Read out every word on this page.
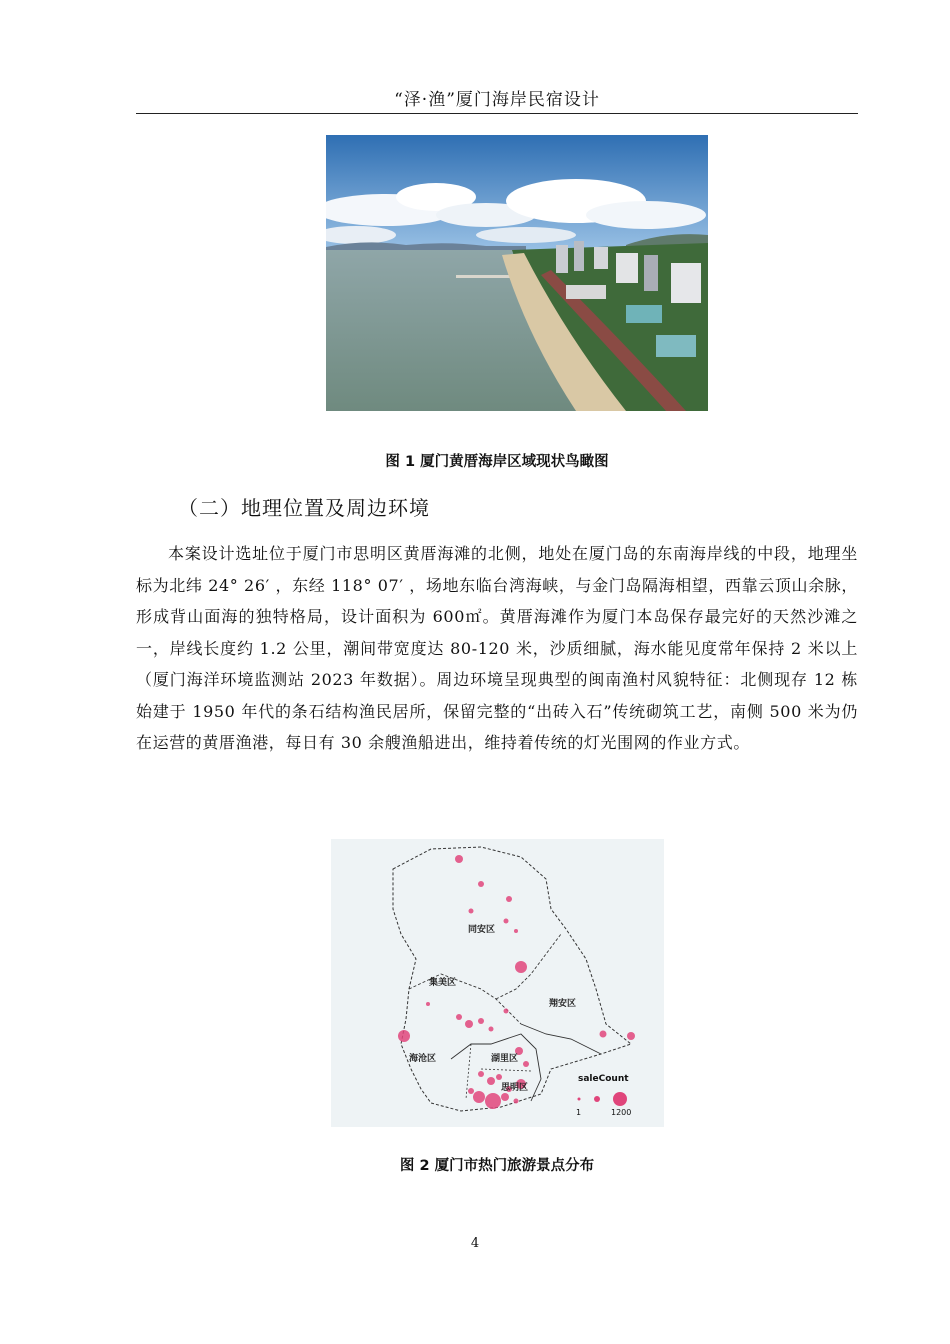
“泽·渔”厦门海岸民宿设计
图 1 厦门黄厝海岸区域现状鸟瞰图
（二）地理位置及周边环境
本案设计选址位于厦门市思明区黄厝海滩的北侧，地处在厦门岛的东南海岸线的中段，地理坐标为北纬 24° 26′ ，东经 118° 07′ ，场地东临台湾海峡，与金门岛隔海相望，西靠云顶山余脉，形成背山面海的独特格局，设计面积为 600㎡。黄厝海滩作为厦门本岛保存最完好的天然沙滩之一，岸线长度约 1.2 公里，潮间带宽度达 80-120 米，沙质细腻，海水能见度常年保持 2 米以上（厦门海洋环境监测站 2023 年数据）。周边环境呈现典型的闽南渔村风貌特征：北侧现存 12 栋始建于 1950 年代的条石结构渔民居所，保留完整的“出砖入石”传统砌筑工艺，南侧 500 米为仍在运营的黄厝渔港，每日有 30 余艘渔船进出，维持着传统的灯光围网的作业方式。
同安区
集美区
翔安区
海沧区	湖里区
思明区
saleCount
1	1200
图 2 厦门市热门旅游景点分布
4
